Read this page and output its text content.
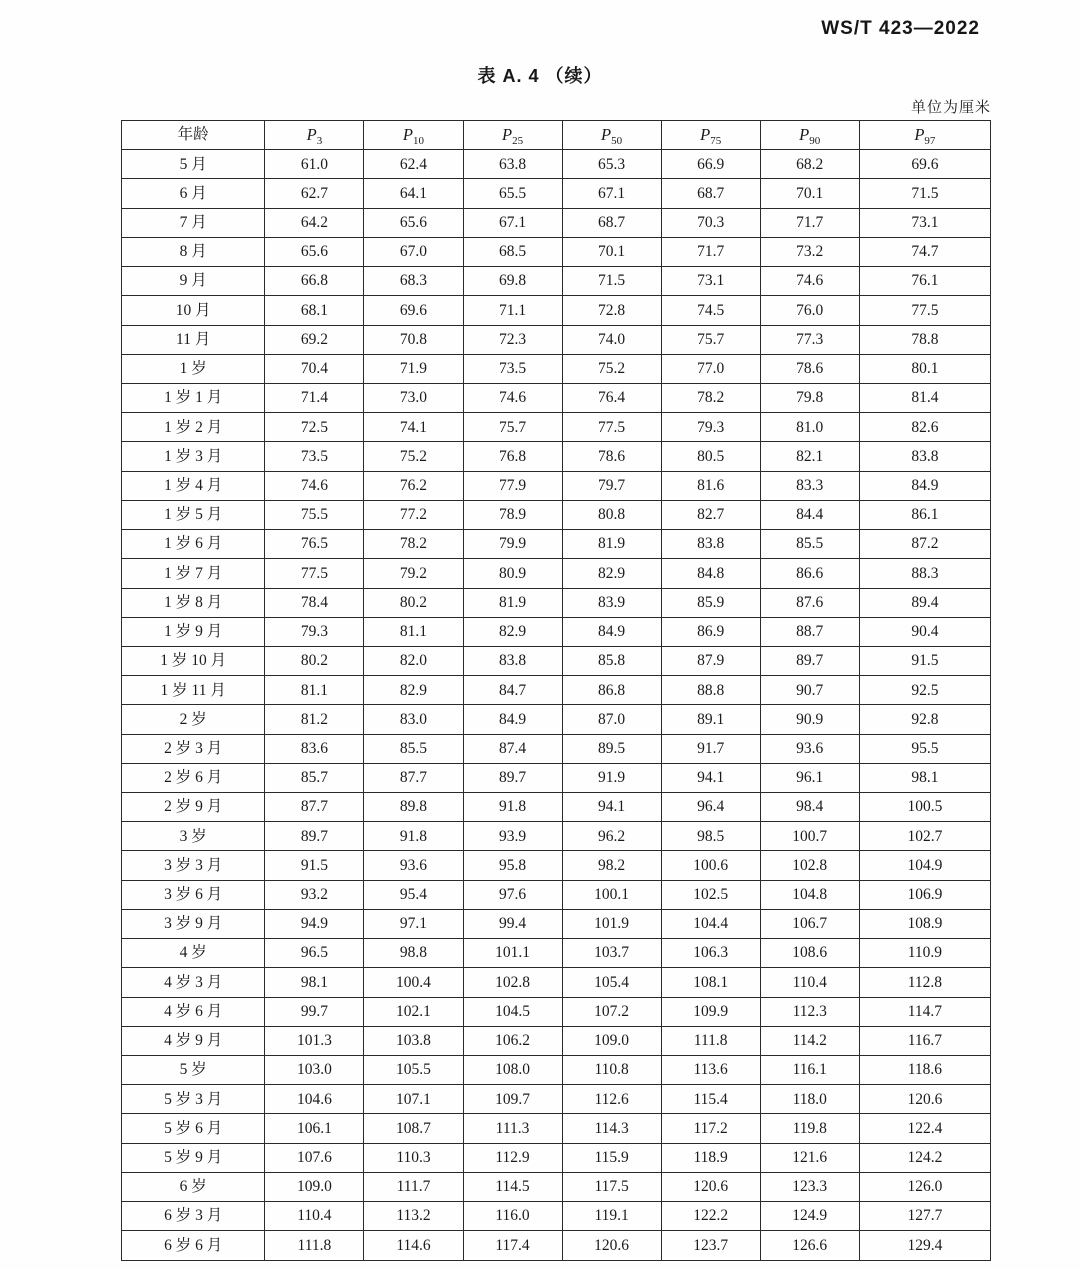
WS/T 423—2022
表 A. 4 （续）
单位为厘米
年龄	$P_3$	$P_{10}$	$P_{25}$	$P_{50}$	$P_{75}$	$P_{90}$	$P_{97}$
5 月	61.0	62.4	63.8	65.3	66.9	68.2	69.6
6 月	62.7	64.1	65.5	67.1	68.7	70.1	71.5
7 月	64.2	65.6	67.1	68.7	70.3	71.7	73.1
8 月	65.6	67.0	68.5	70.1	71.7	73.2	74.7
9 月	66.8	68.3	69.8	71.5	73.1	74.6	76.1
10 月	68.1	69.6	71.1	72.8	74.5	76.0	77.5
11 月	69.2	70.8	72.3	74.0	75.7	77.3	78.8
1 岁	70.4	71.9	73.5	75.2	77.0	78.6	80.1
1 岁 1 月	71.4	73.0	74.6	76.4	78.2	79.8	81.4
1 岁 2 月	72.5	74.1	75.7	77.5	79.3	81.0	82.6
1 岁 3 月	73.5	75.2	76.8	78.6	80.5	82.1	83.8
1 岁 4 月	74.6	76.2	77.9	79.7	81.6	83.3	84.9
1 岁 5 月	75.5	77.2	78.9	80.8	82.7	84.4	86.1
1 岁 6 月	76.5	78.2	79.9	81.9	83.8	85.5	87.2
1 岁 7 月	77.5	79.2	80.9	82.9	84.8	86.6	88.3
1 岁 8 月	78.4	80.2	81.9	83.9	85.9	87.6	89.4
1 岁 9 月	79.3	81.1	82.9	84.9	86.9	88.7	90.4
1 岁 10 月	80.2	82.0	83.8	85.8	87.9	89.7	91.5
1 岁 11 月	81.1	82.9	84.7	86.8	88.8	90.7	92.5
2 岁	81.2	83.0	84.9	87.0	89.1	90.9	92.8
2 岁 3 月	83.6	85.5	87.4	89.5	91.7	93.6	95.5
2 岁 6 月	85.7	87.7	89.7	91.9	94.1	96.1	98.1
2 岁 9 月	87.7	89.8	91.8	94.1	96.4	98.4	100.5
3 岁	89.7	91.8	93.9	96.2	98.5	100.7	102.7
3 岁 3 月	91.5	93.6	95.8	98.2	100.6	102.8	104.9
3 岁 6 月	93.2	95.4	97.6	100.1	102.5	104.8	106.9
3 岁 9 月	94.9	97.1	99.4	101.9	104.4	106.7	108.9
4 岁	96.5	98.8	101.1	103.7	106.3	108.6	110.9
4 岁 3 月	98.1	100.4	102.8	105.4	108.1	110.4	112.8
4 岁 6 月	99.7	102.1	104.5	107.2	109.9	112.3	114.7
4 岁 9 月	101.3	103.8	106.2	109.0	111.8	114.2	116.7
5 岁	103.0	105.5	108.0	110.8	113.6	116.1	118.6
5 岁 3 月	104.6	107.1	109.7	112.6	115.4	118.0	120.6
5 岁 6 月	106.1	108.7	111.3	114.3	117.2	119.8	122.4
5 岁 9 月	107.6	110.3	112.9	115.9	118.9	121.6	124.2
6 岁	109.0	111.7	114.5	117.5	120.6	123.3	126.0
6 岁 3 月	110.4	113.2	116.0	119.1	122.2	124.9	127.7
6 岁 6 月	111.8	114.6	117.4	120.6	123.7	126.6	129.4
